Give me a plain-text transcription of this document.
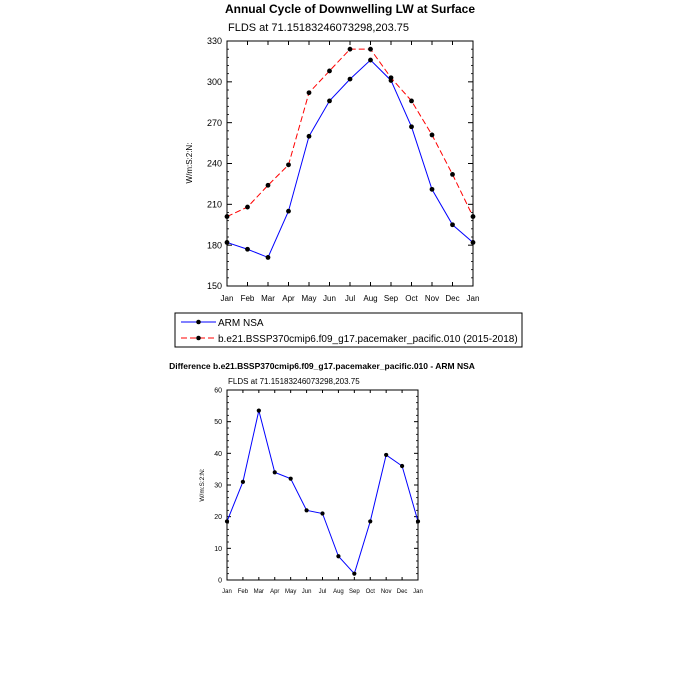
Annual Cycle of Downwelling LW at Surface
FLDS at 71.15183246073298,203.75
W/m:S:2:N:
150
180
210
240
270
300
330
Jan Feb Mar Apr May Jun Jul Aug Sep Oct Nov Dec Jan
ARM NSA
b.e21.BSSP370cmip6.f09_g17.pacemaker_pacific.010 (2015-2018)
Difference b.e21.BSSP370cmip6.f09_g17.pacemaker_pacific.010 - ARM NSA
FLDS at 71.15183246073298,203.75
W/m:S:2:N:
0
10
20
30
40
50
60
Jan Feb Mar Apr May Jun Jul Aug Sep Oct Nov Dec Jan
